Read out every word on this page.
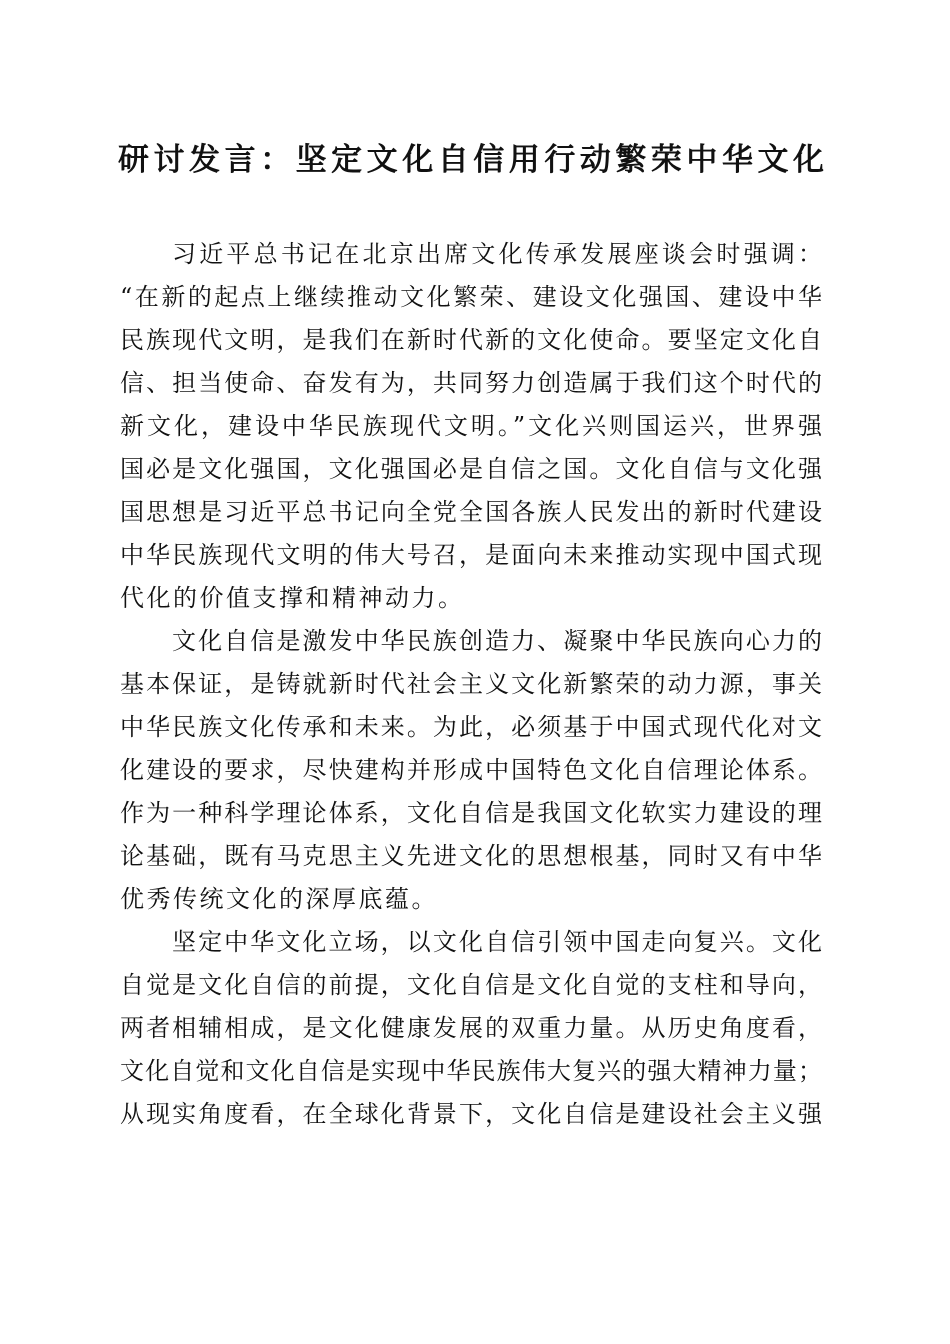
研讨发言：坚定文化自信用行动繁荣中华文化
习近平总书记在北京出席文化传承发展座谈会时强调：
“在新的起点上继续推动文化繁荣、建设文化强国、建设中华
民族现代文明，是我们在新时代新的文化使命。要坚定文化自
信、担当使命、奋发有为，共同努力创造属于我们这个时代的
新文化，建设中华民族现代文明。”文化兴则国运兴，世界强
国必是文化强国，文化强国必是自信之国。文化自信与文化强
国思想是习近平总书记向全党全国各族人民发出的新时代建设
中华民族现代文明的伟大号召，是面向未来推动实现中国式现
代化的价值支撑和精神动力。
文化自信是激发中华民族创造力、凝聚中华民族向心力的
基本保证，是铸就新时代社会主义文化新繁荣的动力源，事关
中华民族文化传承和未来。为此，必须基于中国式现代化对文
化建设的要求，尽快建构并形成中国特色文化自信理论体系。
作为一种科学理论体系，文化自信是我国文化软实力建设的理
论基础，既有马克思主义先进文化的思想根基，同时又有中华
优秀传统文化的深厚底蕴。
坚定中华文化立场，以文化自信引领中国走向复兴。文化
自觉是文化自信的前提，文化自信是文化自觉的支柱和导向，
两者相辅相成，是文化健康发展的双重力量。从历史角度看，
文化自觉和文化自信是实现中华民族伟大复兴的强大精神力量；
从现实角度看，在全球化背景下，文化自信是建设社会主义强
